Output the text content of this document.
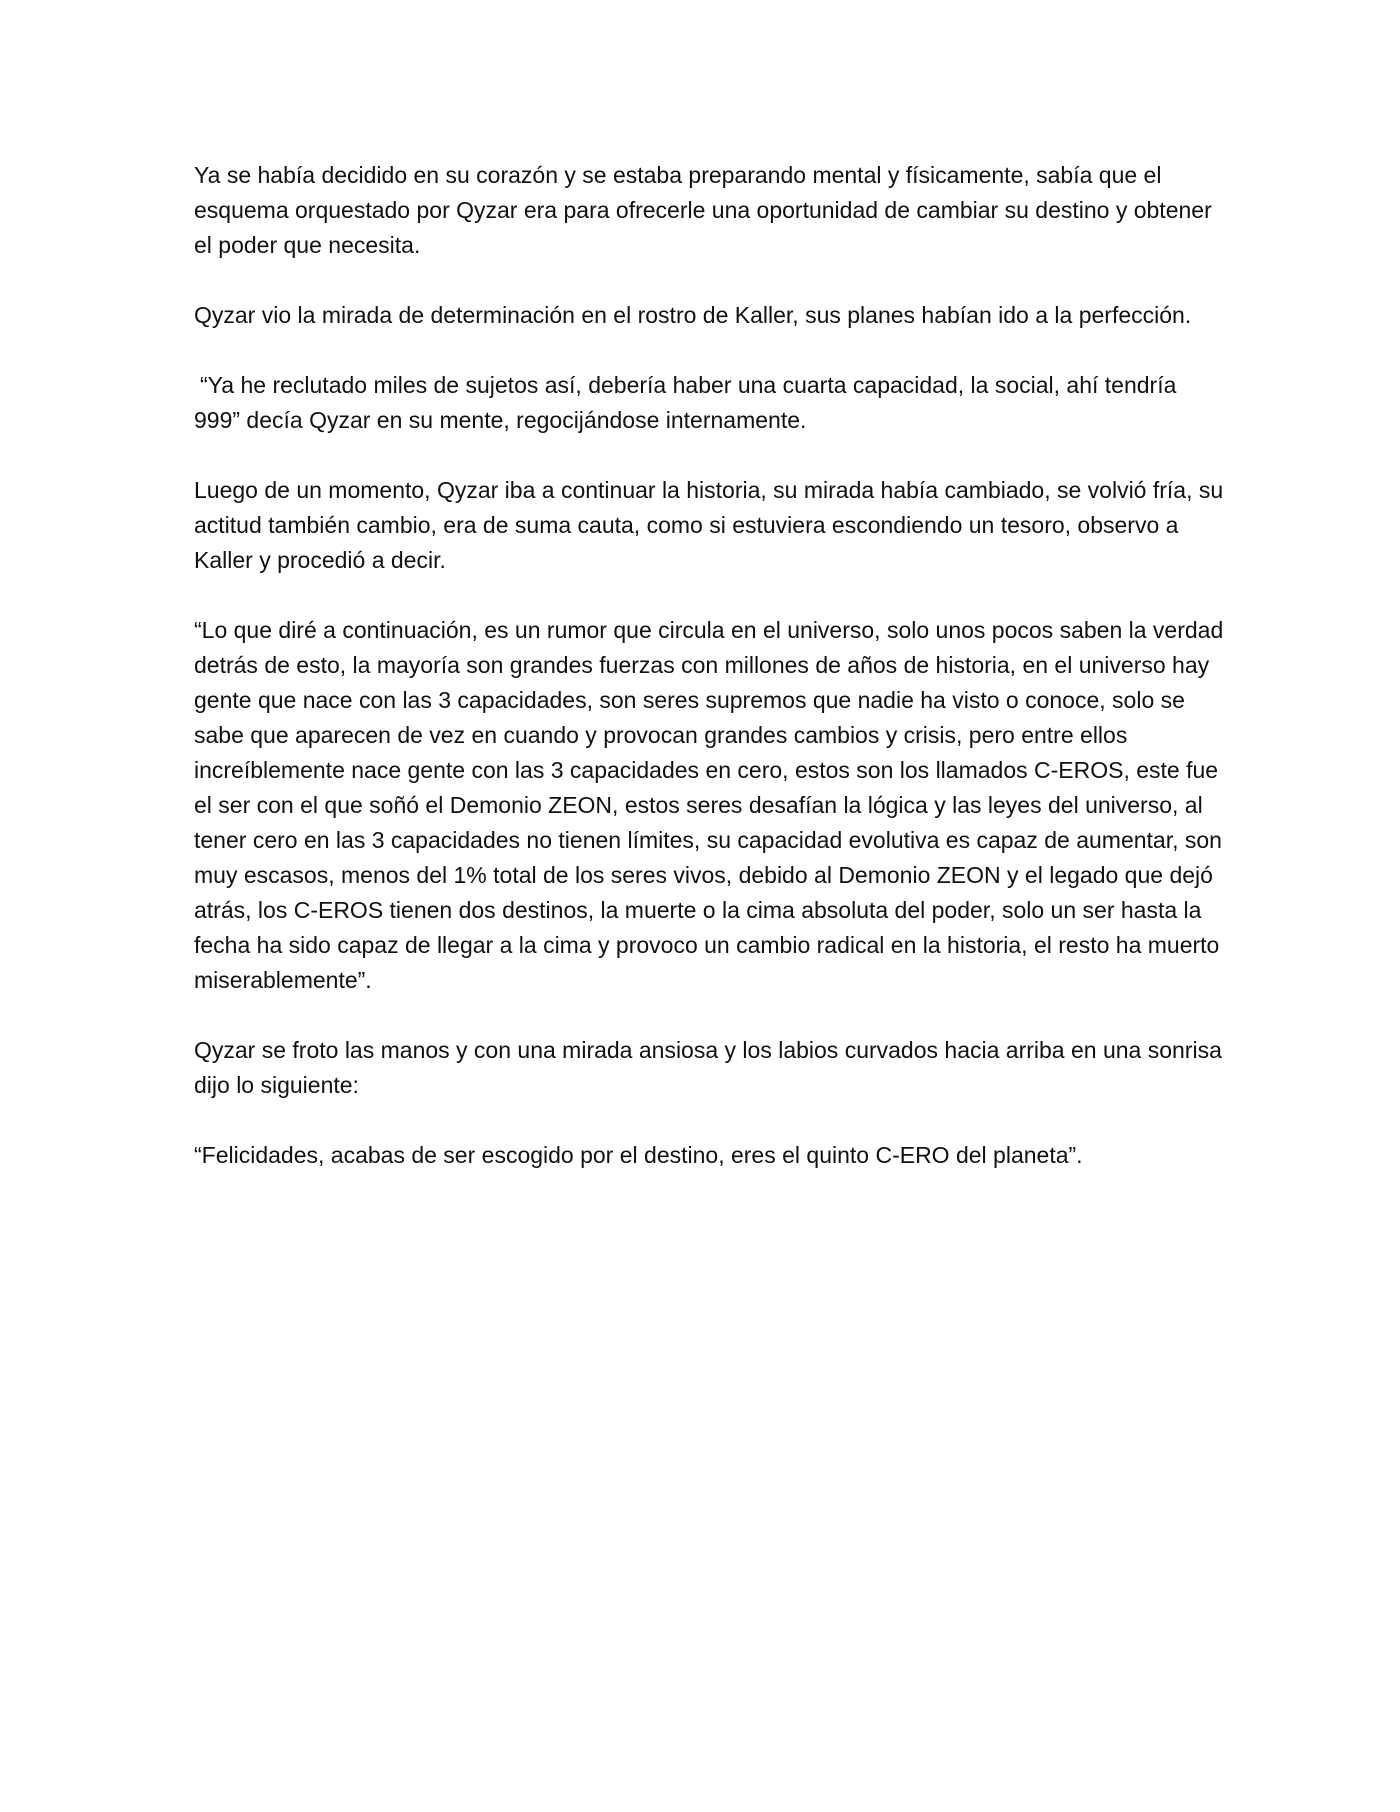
Ya se había decidido en su corazón y se estaba preparando mental y físicamente, sabía que el esquema orquestado por Qyzar era para ofrecerle una oportunidad de cambiar su destino y obtener el poder que necesita.

Qyzar vio la mirada de determinación en el rostro de Kaller, sus planes habían ido a la perfección.

“Ya he reclutado miles de sujetos así, debería haber una cuarta capacidad, la social, ahí tendría 999” decía Qyzar en su mente, regocijándose internamente.

Luego de un momento, Qyzar iba a continuar la historia, su mirada había cambiado, se volvió fría, su actitud también cambio, era de suma cauta, como si estuviera escondiendo un tesoro, observo a Kaller y procedió a decir.

“Lo que diré a continuación, es un rumor que circula en el universo, solo unos pocos saben la verdad detrás de esto, la mayoría son grandes fuerzas con millones de años de historia, en el universo hay gente que nace con las 3 capacidades, son seres supremos que nadie ha visto o conoce, solo se sabe que aparecen de vez en cuando y provocan grandes cambios y crisis, pero entre ellos increíblemente nace gente con las 3 capacidades en cero, estos son los llamados C-EROS, este fue el ser con el que soñó el Demonio ZEON, estos seres desafían la lógica y las leyes del universo, al tener cero en las 3 capacidades no tienen límites, su capacidad evolutiva es capaz de aumentar, son muy escasos, menos del 1% total de los seres vivos, debido al Demonio ZEON y el legado que dejó atrás, los C-EROS tienen dos destinos, la muerte o la cima absoluta del poder, solo un ser hasta la fecha ha sido capaz de llegar a la cima y provoco un cambio radical en la historia, el resto ha muerto miserablemente”.

Qyzar se froto las manos y con una mirada ansiosa y los labios curvados hacia arriba en una sonrisa dijo lo siguiente:

“Felicidades, acabas de ser escogido por el destino, eres el quinto C-ERO del planeta”.
